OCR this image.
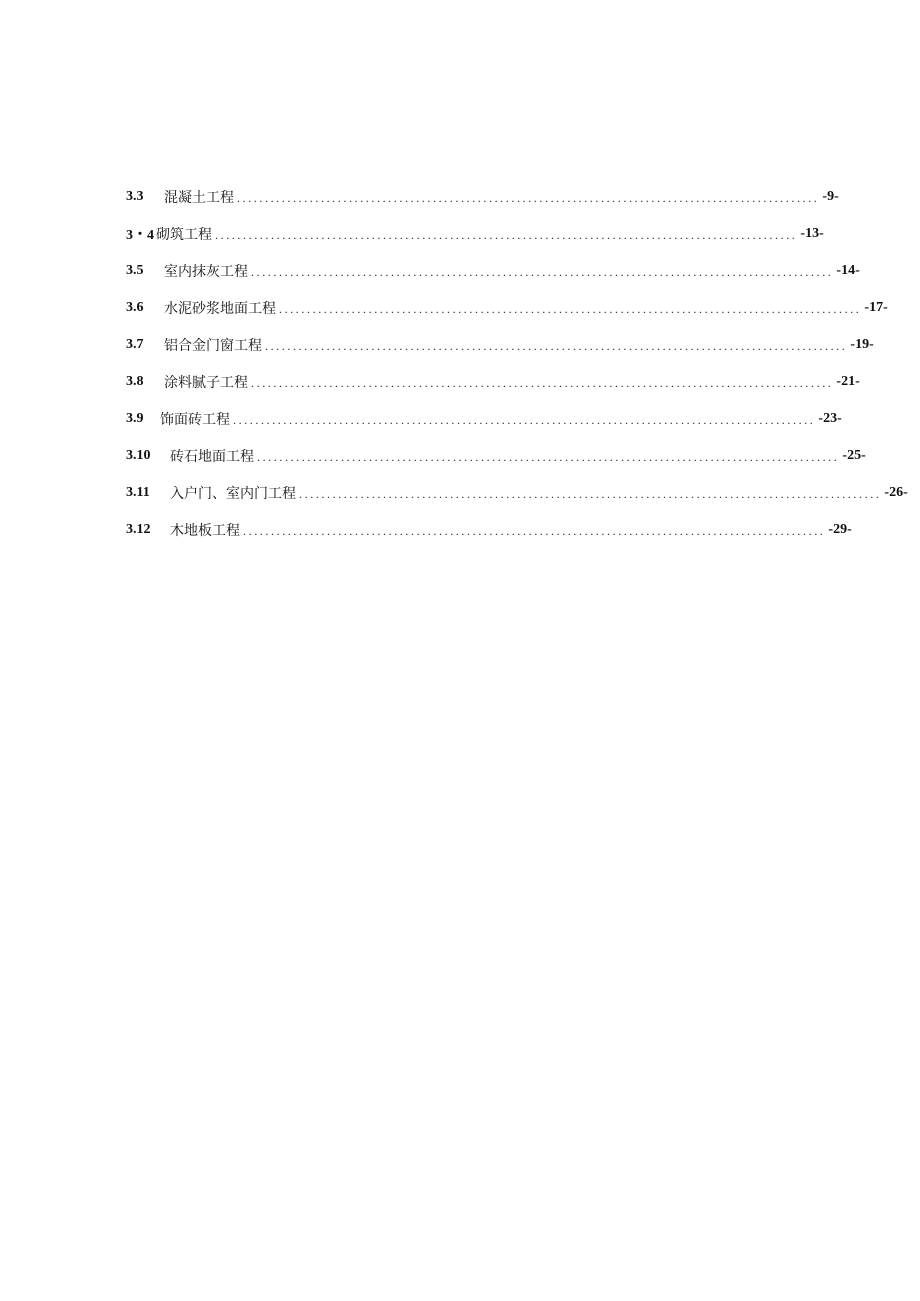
3.3	混凝土工程 ........................................................................................................ -9-
3・4 砌筑工程 ........................................................................................................ -13-
3.5	室内抹灰工程 ........................................................................................................ -14-
3.6	水泥砂浆地面工程 ........................................................................................................ -17-
3.7	铝合金门窗工程 ........................................................................................................ -19-
3.8	涂料腻子工程 ........................................................................................................ -21-
3.9	饰面砖工程 ........................................................................................................ -23-
3.10	砖石地面工程 ........................................................................................................ -25-
3.11	入户门、室内门工程 ........................................................................................................ -26-
3.12	木地板工程 ........................................................................................................ -29-
